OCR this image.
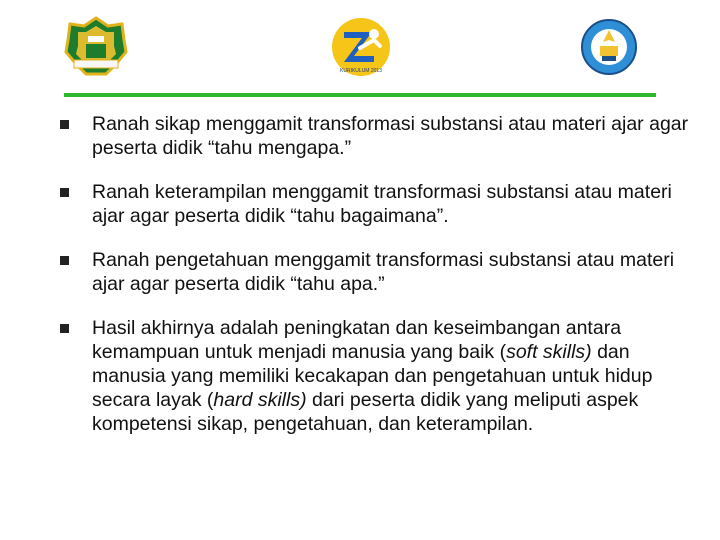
KURIKULUM 2013
Ranah sikap menggamit transformasi substansi atau materi ajar agar peserta didik “tahu mengapa.”
Ranah keterampilan menggamit transformasi substansi atau materi ajar agar peserta didik “tahu bagaimana”.
Ranah pengetahuan menggamit transformasi substansi atau materi ajar agar peserta didik “tahu apa.”
Hasil akhirnya adalah peningkatan dan keseimbangan antara kemampuan untuk menjadi manusia yang baik (soft skills) dan manusia yang memiliki kecakapan dan pengetahuan untuk hidup secara layak (hard skills) dari peserta didik yang meliputi aspek kompetensi sikap, pengetahuan, dan keterampilan.
